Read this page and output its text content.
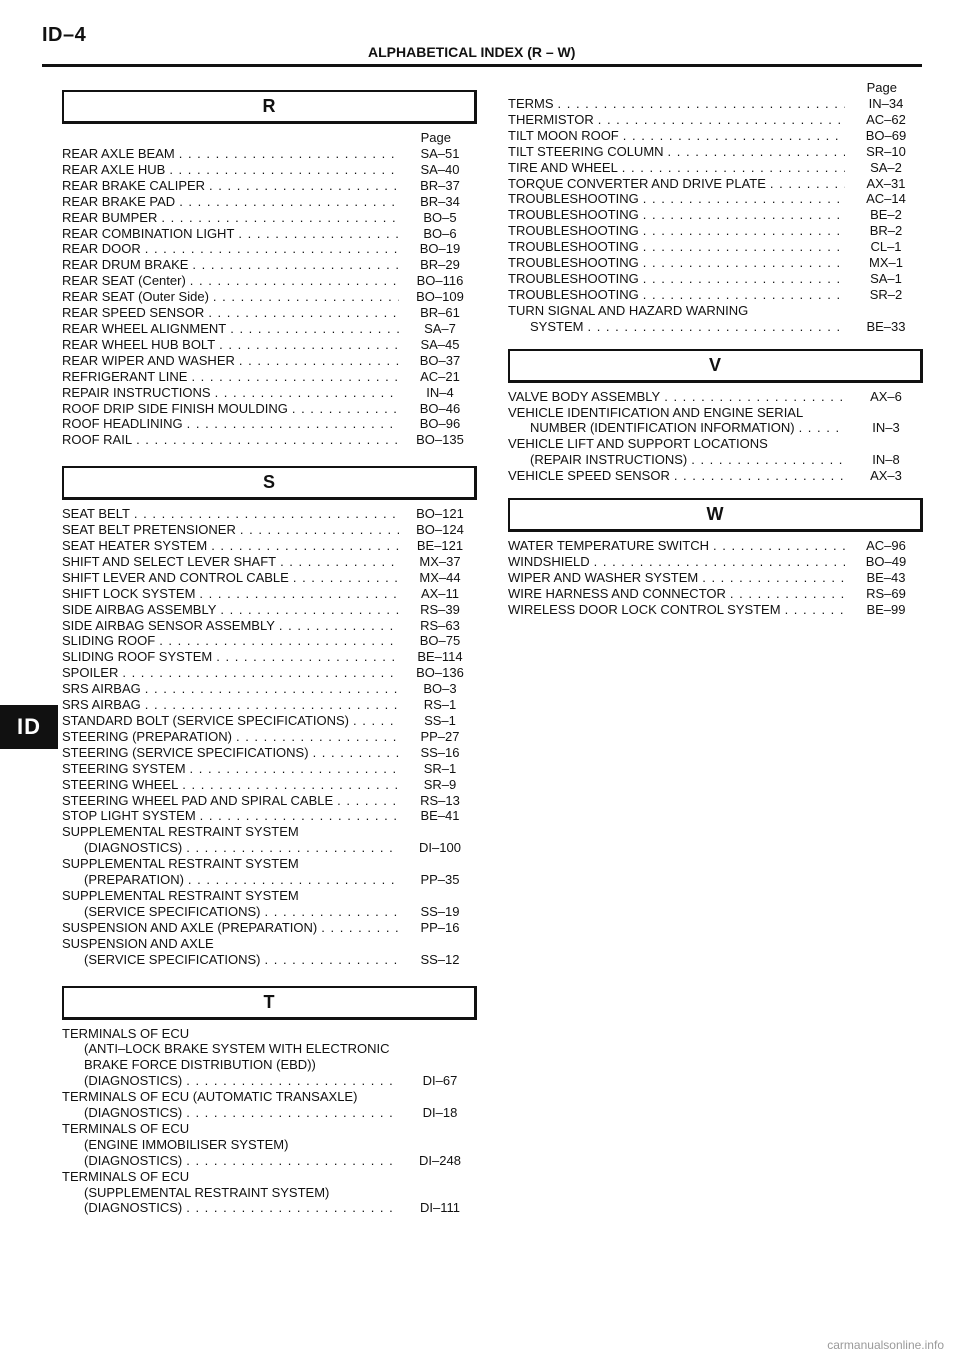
ID–4
ALPHABETICAL INDEX (R – W)
R
Page
REAR AXLE BEAM . . .	SA–51
REAR AXLE HUB . . .	SA–40
REAR BRAKE CALIPER . . .	BR–37
REAR BRAKE PAD . . .	BR–34
REAR BUMPER . . .	BO–5
REAR COMBINATION LIGHT . . .	BO–6
REAR DOOR . . .	BO–19
REAR DRUM BRAKE . . .	BR–29
REAR SEAT (Center) . . .	BO–116
REAR SEAT (Outer Side) . . .	BO–109
REAR SPEED SENSOR . . .	BR–61
REAR WHEEL ALIGNMENT . . .	SA–7
REAR WHEEL HUB BOLT . . .	SA–45
REAR WIPER AND WASHER . . .	BO–37
REFRIGERANT LINE . . .	AC–21
REPAIR INSTRUCTIONS . . .	IN–4
ROOF DRIP SIDE FINISH MOULDING . . .	BO–46
ROOF HEADLINING . . .	BO–96
ROOF RAIL . . .	BO–135
S
SEAT BELT . . .	BO–121
SEAT BELT PRETENSIONER . . .	BO–124
SEAT HEATER SYSTEM . . .	BE–121
SHIFT AND SELECT LEVER SHAFT . . .	MX–37
SHIFT LEVER AND CONTROL CABLE . . .	MX–44
SHIFT LOCK SYSTEM . . .	AX–11
SIDE AIRBAG ASSEMBLY . . .	RS–39
SIDE AIRBAG SENSOR ASSEMBLY . . .	RS–63
SLIDING ROOF . . .	BO–75
SLIDING ROOF SYSTEM . . .	BE–114
SPOILER . . .	BO–136
SRS AIRBAG . . .	BO–3
SRS AIRBAG . . .	RS–1
STANDARD BOLT (SERVICE SPECIFICATIONS) . . .	SS–1
STEERING (PREPARATION) . . .	PP–27
STEERING (SERVICE SPECIFICATIONS) . . .	SS–16
STEERING SYSTEM . . .	SR–1
STEERING WHEEL . . .	SR–9
STEERING WHEEL PAD AND SPIRAL CABLE . . .	RS–13
STOP LIGHT SYSTEM . . .	BE–41
SUPPLEMENTAL RESTRAINT SYSTEM
(DIAGNOSTICS) . . .	DI–100
SUPPLEMENTAL RESTRAINT SYSTEM
(PREPARATION) . . .	PP–35
SUPPLEMENTAL RESTRAINT SYSTEM
(SERVICE SPECIFICATIONS) . . .	SS–19
SUSPENSION AND AXLE (PREPARATION) . . .	PP–16
SUSPENSION AND AXLE
(SERVICE SPECIFICATIONS) . . .	SS–12
T
TERMINALS OF ECU
(ANTI–LOCK BRAKE SYSTEM WITH ELECTRONIC
BRAKE FORCE DISTRIBUTION (EBD))
(DIAGNOSTICS) . . .	DI–67
TERMINALS OF ECU (AUTOMATIC TRANSAXLE)
(DIAGNOSTICS) . . .	DI–18
TERMINALS OF ECU
(ENGINE IMMOBILISER SYSTEM)
(DIAGNOSTICS) . . .	DI–248
TERMINALS OF ECU
(SUPPLEMENTAL RESTRAINT SYSTEM)
(DIAGNOSTICS) . . .	DI–111
Page
TERMS . . .	IN–34
THERMISTOR . . .	AC–62
TILT MOON ROOF . . .	BO–69
TILT STEERING COLUMN . . .	SR–10
TIRE AND WHEEL . . .	SA–2
TORQUE CONVERTER AND DRIVE PLATE . . .	AX–31
TROUBLESHOOTING . . .	AC–14
TROUBLESHOOTING . . .	BE–2
TROUBLESHOOTING . . .	BR–2
TROUBLESHOOTING . . .	CL–1
TROUBLESHOOTING . . .	MX–1
TROUBLESHOOTING . . .	SA–1
TROUBLESHOOTING . . .	SR–2
TURN SIGNAL AND HAZARD WARNING
SYSTEM . . .	BE–33
V
VALVE BODY ASSEMBLY . . .	AX–6
VEHICLE IDENTIFICATION AND ENGINE SERIAL
NUMBER (IDENTIFICATION INFORMATION) . . .	IN–3
VEHICLE LIFT AND SUPPORT LOCATIONS
(REPAIR INSTRUCTIONS) . . .	IN–8
VEHICLE SPEED SENSOR . . .	AX–3
W
WATER TEMPERATURE SWITCH . . .	AC–96
WINDSHIELD . . .	BO–49
WIPER AND WASHER SYSTEM . . .	BE–43
WIRE HARNESS AND CONNECTOR . . .	RS–69
WIRELESS DOOR LOCK CONTROL SYSTEM . . .	BE–99
ID
carmanualsonline.info
